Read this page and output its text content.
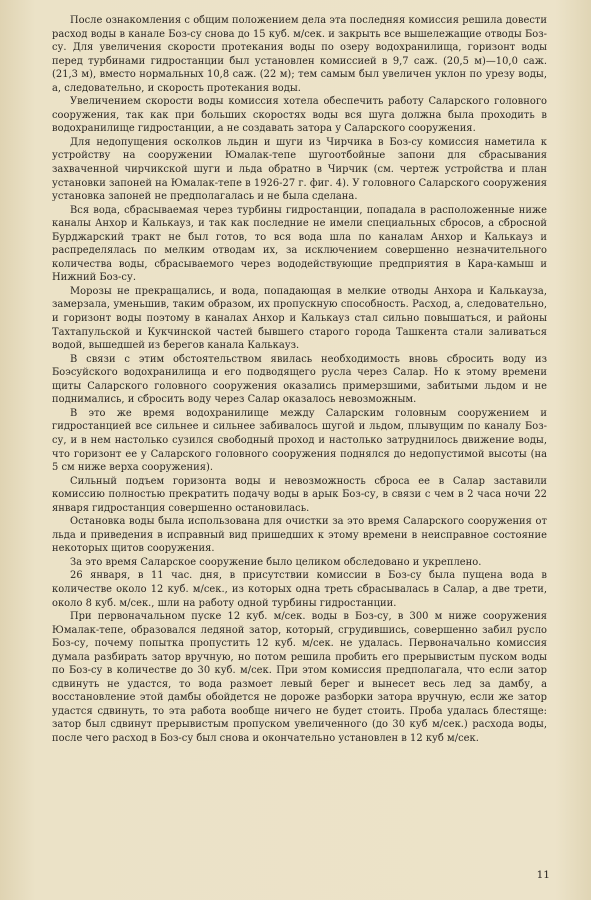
После ознакомления с общим положением дела эта последняя комиссия решила довести расход воды в канале Боз-су снова до 15 куб. м/сек. и закрыть все вышележащие отводы Боз-су. Для увеличения скорости протекания воды по озеру водохранилища, горизонт воды перед турбинами гидростанции был установлен комиссией в 9,7 саж. (20,5 м)—10,0 саж. (21,3 м), вместо нормальных 10,8 саж. (22 м); тем самым был увеличен уклон по урезу воды, а, следовательно, и скорость протекания воды.

Увеличением скорости воды комиссия хотела обеспечить работу Саларского головного сооружения, так как при больших скоростях воды вся шуга должна была проходить в водохранилище гидростанции, а не создавать затора у Саларского сооружения.

Для недопущения осколков льдин и шуги из Чирчика в Боз-су комиссия наметила к устройству на сооружении Юмалак-тепе шугоотбойные запони для сбрасывания захваченной чирчикской шуги и льда обратно в Чирчик (см. чертеж устройства и план установки запоней на Юмалак-тепе в 1926-27 г. фиг. 4). У головного Саларского сооружения установка запоней не предполагалась и не была сделана.

Вся вода, сбрасываемая через турбины гидростанции, попадала в расположенные ниже каналы Анхор и Калькауз, и так как последние не имели специальных сбросов, а сбросной Бурджарский тракт не был готов, то вся вода шла по каналам Анхор и Калькауз и распределялась по мелким отводам их, за исключением совершенно незначительного количества воды, сбрасываемого через вододействующие предприятия в Кара-камыш и Нижний Боз-су.

Морозы не прекращались, и вода, попадающая в мелкие отводы Анхора и Калькауза, замерзала, уменьшив, таким образом, их пропускную способность. Расход, а, следовательно, и горизонт воды поэтому в каналах Анхор и Калькауз стал сильно повышаться, и районы Тахтапульской и Кукчинской частей бывшего старого города Ташкента стали заливаться водой, вышедшей из берегов канала Калькауз.

В связи с этим обстоятельством явилась необходимость вновь сбросить воду из Боэсуйского водохранилища и его подводящего русла через Салар. Но к этому времени щиты Саларского головного сооружения оказались примерзшими, забитыми льдом и не поднимались, и сбросить воду через Салар оказалось невозможным.

В это же время водохранилище между Саларским головным сооружением и гидростанцией все сильнее и сильнее забивалось шугой и льдом, плывущим по каналу Боз-су, и в нем настолько сузился свободный проход и настолько затруднилось движение воды, что горизонт ее у Саларского головного сооружения поднялся до недопустимой высоты (на 5 см ниже верха сооружения).

Сильный подъем горизонта воды и невозможность сброса ее в Салар заставили комиссию полностью прекратить подачу воды в арык Боз-су, в связи с чем в 2 часа ночи 22 января гидростанция совершенно остановилась.

Остановка воды была использована для очистки за это время Саларского сооружения от льда и приведения в исправный вид пришедших к этому времени в неисправное состояние некоторых щитов сооружения.

За это время Саларское сооружение было целиком обследовано и укреплено.

26 января, в 11 час. дня, в присутствии комиссии в Боз-су была пущена вода в количестве около 12 куб. м/сек., из которых одна треть сбрасывалась в Салар, а две трети, около 8 куб. м/сек., шли на работу одной турбины гидростанции.

При первоначальном пуске 12 куб. м/сек. воды в Боз-су, в 300 м ниже сооружения Юмалак-тепе, образовался ледяной затор, который, сгрудившись, совершенно забил русло Боз-су, почему попытка пропустить 12 куб. м/сек. не удалась. Первоначально комиссия думала разбирать затор вручную, но потом решила пробить его прерывистым пуском воды по Боз-су в количестве до 30 куб. м/сек. При этом комиссия предполагала, что если затор сдвинуть не удастся, то вода размоет левый берег и вынесет весь лед за дамбу, а восстановление этой дамбы обойдется не дороже разборки затора вручную, если же затор удастся сдвинуть, то эта работа вообще ничего не будет стоить. Проба удалась блестяще: затор был сдвинут прерывистым пропуском увеличенного (до 30 куб м/сек.) расхода воды, после чего расход в Боз-су был снова и окончательно установлен в 12 куб м/сек.

11
